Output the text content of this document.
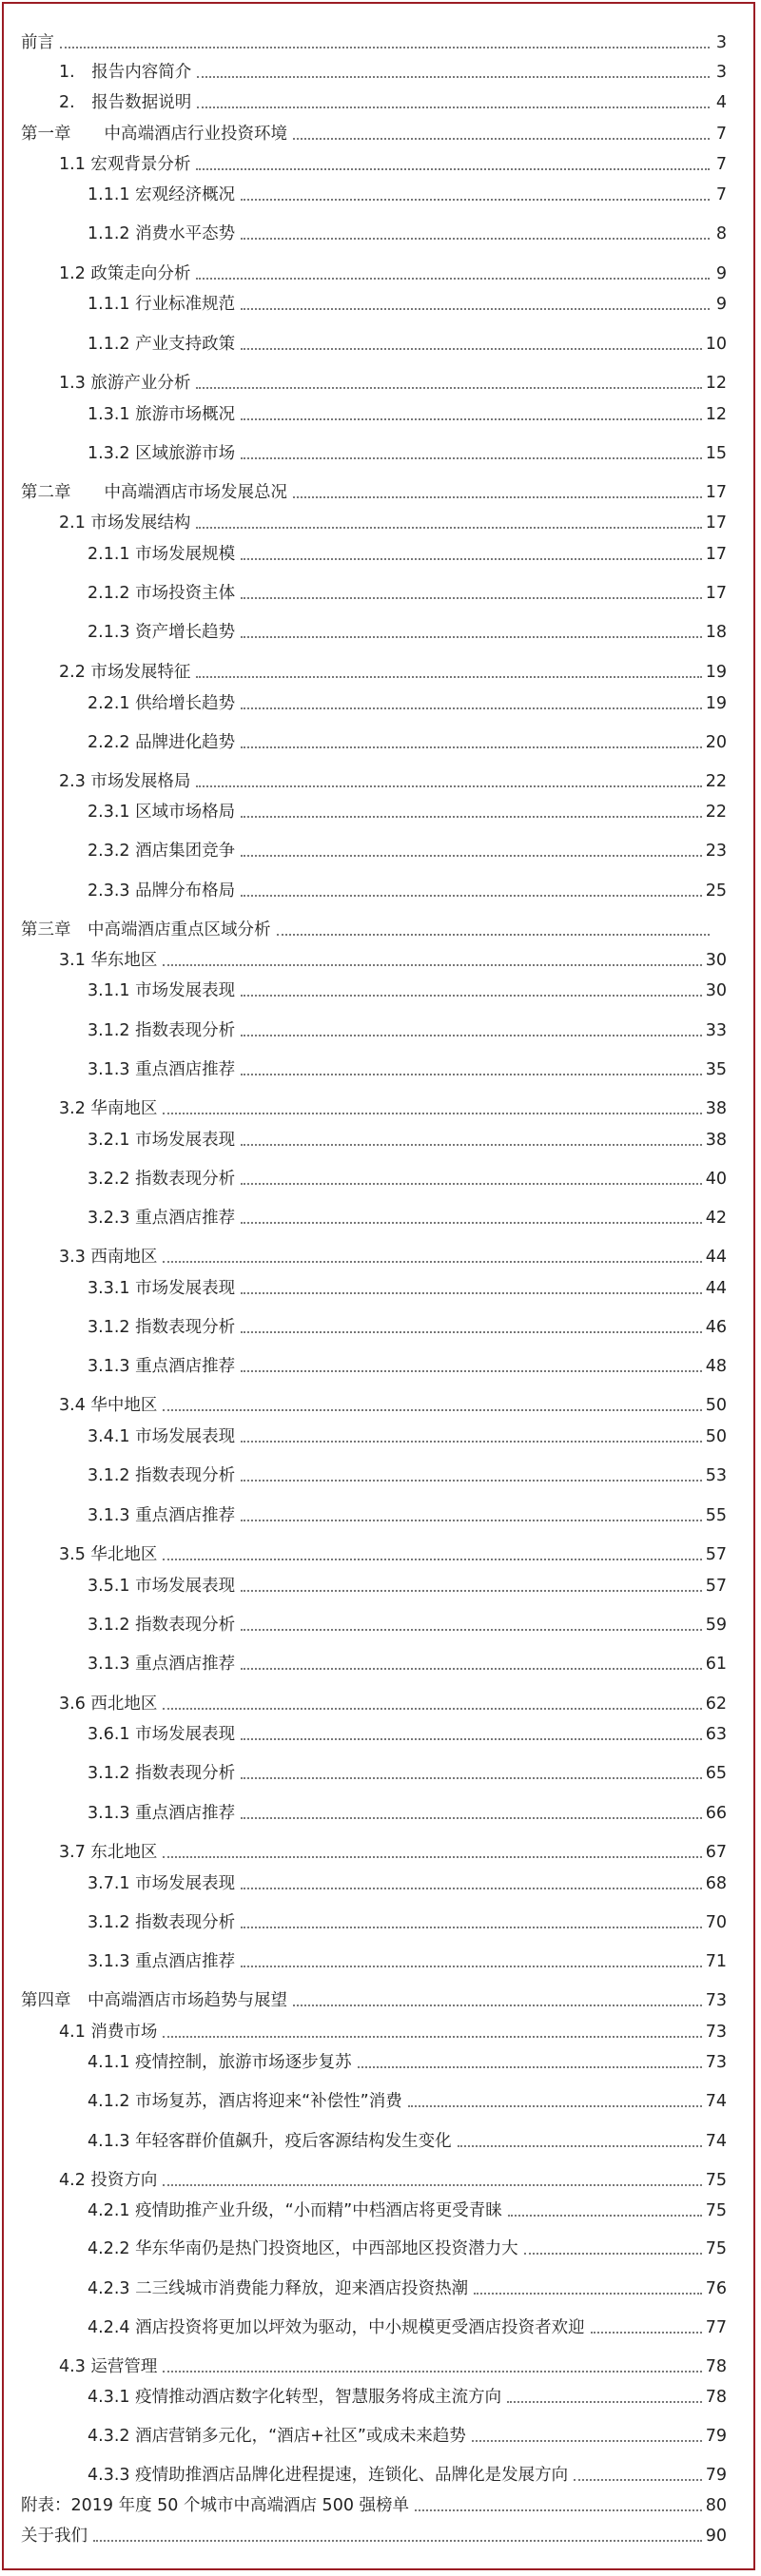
前言	3
1.　报告内容简介	3
2.　报告数据说明	4
第一章　　中高端酒店行业投资环境	7
1.1 宏观背景分析	7
1.1.1 宏观经济概况	7
1.1.2 消费水平态势	8
1.2 政策走向分析	9
1.1.1 行业标准规范	9
1.1.2 产业支持政策	10
1.3 旅游产业分析	12
1.3.1 旅游市场概况	12
1.3.2 区域旅游市场	15
第二章　　中高端酒店市场发展总况	17
2.1 市场发展结构	17
2.1.1 市场发展规模	17
2.1.2 市场投资主体	17
2.1.3 资产增长趋势	18
2.2 市场发展特征	19
2.2.1 供给增长趋势	19
2.2.2 品牌进化趋势	20
2.3 市场发展格局	22
2.3.1 区域市场格局	22
2.3.2 酒店集团竞争	23
2.3.3 品牌分布格局	25
第三章　中高端酒店重点区域分析
3.1 华东地区	30
3.1.1 市场发展表现	30
3.1.2 指数表现分析	33
3.1.3 重点酒店推荐	35
3.2 华南地区	38
3.2.1 市场发展表现	38
3.2.2 指数表现分析	40
3.2.3 重点酒店推荐	42
3.3 西南地区	44
3.3.1 市场发展表现	44
3.1.2 指数表现分析	46
3.1.3 重点酒店推荐	48
3.4 华中地区	50
3.4.1 市场发展表现	50
3.1.2 指数表现分析	53
3.1.3 重点酒店推荐	55
3.5 华北地区	57
3.5.1 市场发展表现	57
3.1.2 指数表现分析	59
3.1.3 重点酒店推荐	61
3.6 西北地区	62
3.6.1 市场发展表现	63
3.1.2 指数表现分析	65
3.1.3 重点酒店推荐	66
3.7 东北地区	67
3.7.1 市场发展表现	68
3.1.2 指数表现分析	70
3.1.3 重点酒店推荐	71
第四章　中高端酒店市场趋势与展望	73
4.1 消费市场	73
4.1.1 疫情控制，旅游市场逐步复苏	73
4.1.2 市场复苏，酒店将迎来“补偿性”消费	74
4.1.3 年轻客群价值飙升，疫后客源结构发生变化	74
4.2 投资方向	75
4.2.1 疫情助推产业升级，“小而精”中档酒店将更受青睐	75
4.2.2 华东华南仍是热门投资地区，中西部地区投资潜力大	75
4.2.3 二三线城市消费能力释放，迎来酒店投资热潮	76
4.2.4 酒店投资将更加以坪效为驱动，中小规模更受酒店投资者欢迎	77
4.3 运营管理	78
4.3.1 疫情推动酒店数字化转型，智慧服务将成主流方向	78
4.3.2 酒店营销多元化，“酒店+社区”或成未来趋势	79
4.3.3 疫情助推酒店品牌化进程提速，连锁化、品牌化是发展方向	79
附表：2019 年度 50 个城市中高端酒店 500 强榜单	80
关于我们	90
